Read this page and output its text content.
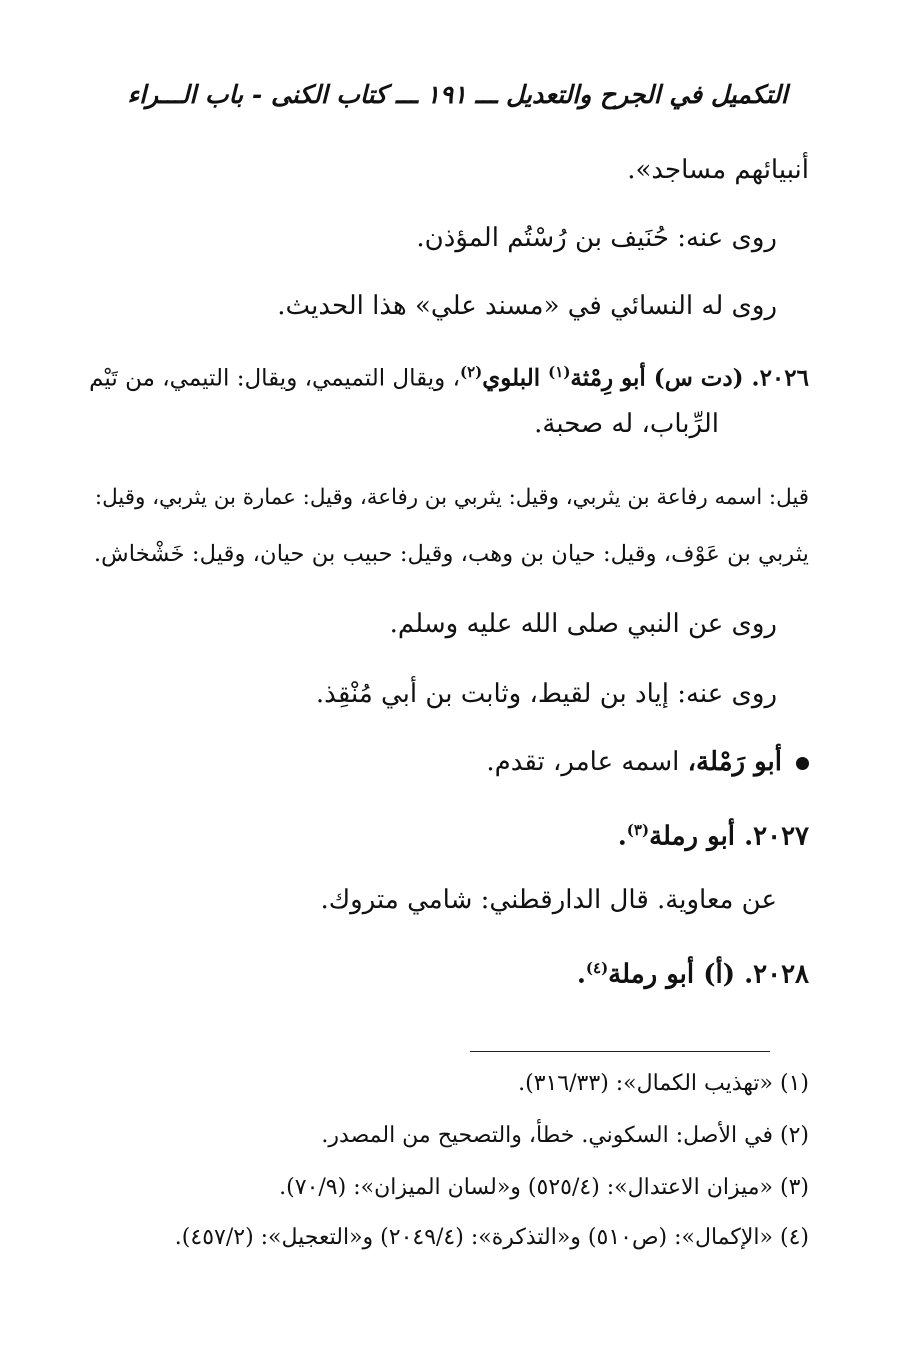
التكميل في الجرح والتعديل ـــ ١٩١ ـــ كتاب الكنى - باب الـــراء
أنبيائهم مساجد».
روى عنه: حُنَيف بن رُسْتُم المؤذن.
روى له النسائي في «مسند علي» هذا الحديث.
٢٠٢٦. (دت س) أبو رِمْثة$^{(١)}$ البلوي$^{(٢)}$، ويقال التميمي، ويقال: التيمي، من تَيْم
الرِّباب، له صحبة.
قيل: اسمه رفاعة بن يثربي، وقيل: يثربي بن رفاعة، وقيل: عمارة بن يثربي، وقيل:
يثربي بن عَوْف، وقيل: حيان بن وهب، وقيل: حبيب بن حيان، وقيل: خَشْخاش.
روى عن النبي صلى الله عليه وسلم.
روى عنه: إياد بن لقيط، وثابت بن أبي مُنْقِذ.
أبو رَمْلة، اسمه عامر، تقدم.
٢٠٢٧. أبو رملة$^{(٣)}$.
عن معاوية. قال الدارقطني: شامي متروك.
٢٠٢٨. (أ) أبو رملة$^{(٤)}$.
(١) «تهذيب الكمال»: (٣١٦/٣٣).
(٢) في الأصل: السكوني. خطأ، والتصحيح من المصدر.
(٣) «ميزان الاعتدال»: (٥٢٥/٤) و«لسان الميزان»: (٧٠/٩).
(٤) «الإكمال»: (ص٥١٠) و«التذكرة»: (٢٠٤٩/٤) و«التعجيل»: (٤٥٧/٢).
